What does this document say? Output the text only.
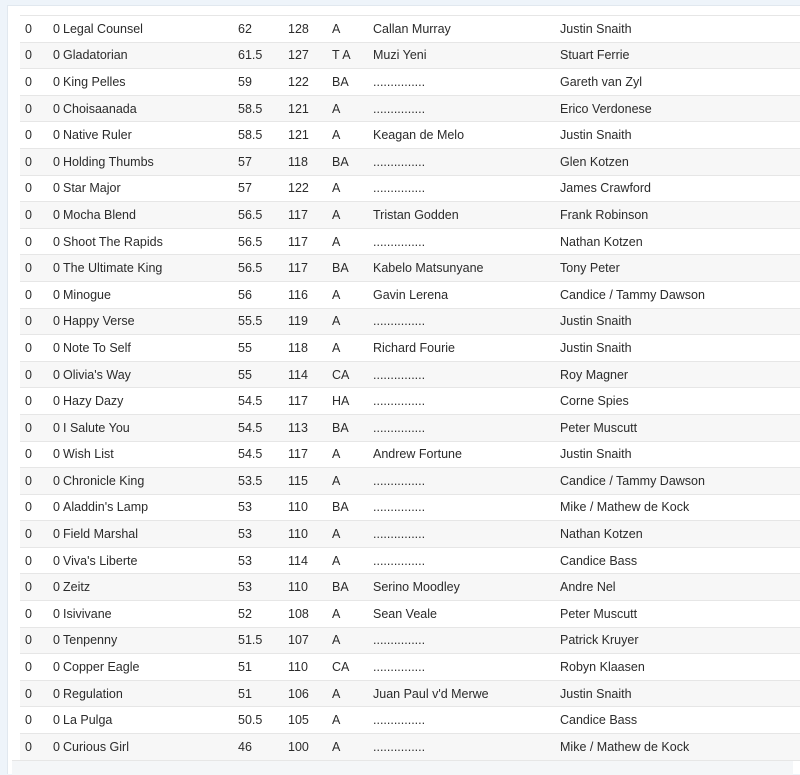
0	0	Legal Counsel	62	128	A	Callan Murray	Justin Snaith
0	0	Gladatorian	61.5	127	T A	Muzi Yeni	Stuart Ferrie
0	0	King Pelles	59	122	BA	...............	Gareth van Zyl
0	0	Choisaanada	58.5	121	A	...............	Erico Verdonese
0	0	Native Ruler	58.5	121	A	Keagan de Melo	Justin Snaith
0	0	Holding Thumbs	57	118	BA	...............	Glen Kotzen
0	0	Star Major	57	122	A	...............	James Crawford
0	0	Mocha Blend	56.5	117	A	Tristan Godden	Frank Robinson
0	0	Shoot The Rapids	56.5	117	A	...............	Nathan Kotzen
0	0	The Ultimate King	56.5	117	BA	Kabelo Matsunyane	Tony Peter
0	0	Minogue	56	116	A	Gavin Lerena	Candice / Tammy Dawson
0	0	Happy Verse	55.5	119	A	...............	Justin Snaith
0	0	Note To Self	55	118	A	Richard Fourie	Justin Snaith
0	0	Olivia's Way	55	114	CA	...............	Roy Magner
0	0	Hazy Dazy	54.5	117	HA	...............	Corne Spies
0	0	I Salute You	54.5	113	BA	...............	Peter Muscutt
0	0	Wish List	54.5	117	A	Andrew Fortune	Justin Snaith
0	0	Chronicle King	53.5	115	A	...............	Candice / Tammy Dawson
0	0	Aladdin's Lamp	53	110	BA	...............	Mike / Mathew de Kock
0	0	Field Marshal	53	110	A	...............	Nathan Kotzen
0	0	Viva's Liberte	53	114	A	...............	Candice Bass
0	0	Zeitz	53	110	BA	Serino Moodley	Andre Nel
0	0	Isivivane	52	108	A	Sean Veale	Peter Muscutt
0	0	Tenpenny	51.5	107	A	...............	Patrick Kruyer
0	0	Copper Eagle	51	110	CA	...............	Robyn Klaasen
0	0	Regulation	51	106	A	Juan Paul v'd Merwe	Justin Snaith
0	0	La Pulga	50.5	105	A	...............	Candice Bass
0	0	Curious Girl	46	100	A	...............	Mike / Mathew de Kock
